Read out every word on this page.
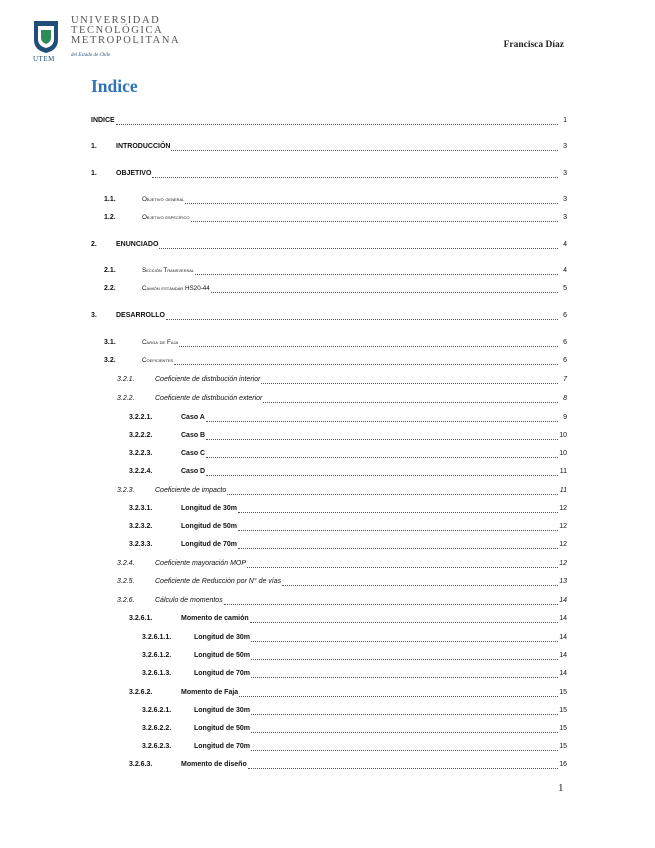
UTEM
UNIVERSIDAD
TECNOLÓGICA
METROPOLITANA
del Estado de Chile
Francisca Díaz
Indice
INDICE	1
1.	INTRODUCCIÓN	3
1.	OBJETIVO	3
1.1.	Objetivo general	3
1.2.	Objetivo específico	3
2.	ENUNCIADO	4
2.1.	Sección Transversal	4
2.2.	Camión estándar HS20-44	5
3.	DESARROLLO	6
3.1.	Carga de Faja	6
3.2.	Coeficientes	6
3.2.1.	Coeficiente de distribución interior	7
3.2.2.	Coeficiente de distribución exterior	8
3.2.2.1.	Caso A	9
3.2.2.2.	Caso B	10
3.2.2.3.	Caso C	10
3.2.2.4.	Caso D	11
3.2.3.	Coeficiente de impacto	11
3.2.3.1.	Longitud de 30m	12
3.2.3.2.	Longitud de 50m	12
3.2.3.3.	Longitud de 70m	12
3.2.4.	Coeficiente mayoración MOP	12
3.2.5.	Coeficiente de Reducción por N° de vías	13
3.2.6.	Cálculo de momentos	14
3.2.6.1.	Momento de camión	14
3.2.6.1.1.	Longitud de 30m	14
3.2.6.1.2.	Longitud de 50m	14
3.2.6.1.3.	Longitud de 70m	14
3.2.6.2.	Momento de Faja	15
3.2.6.2.1.	Longitud de 30m	15
3.2.6.2.2.	Longitud de 50m	15
3.2.6.2.3.	Longitud de 70m	15
3.2.6.3.	Momento de diseño	16
1
